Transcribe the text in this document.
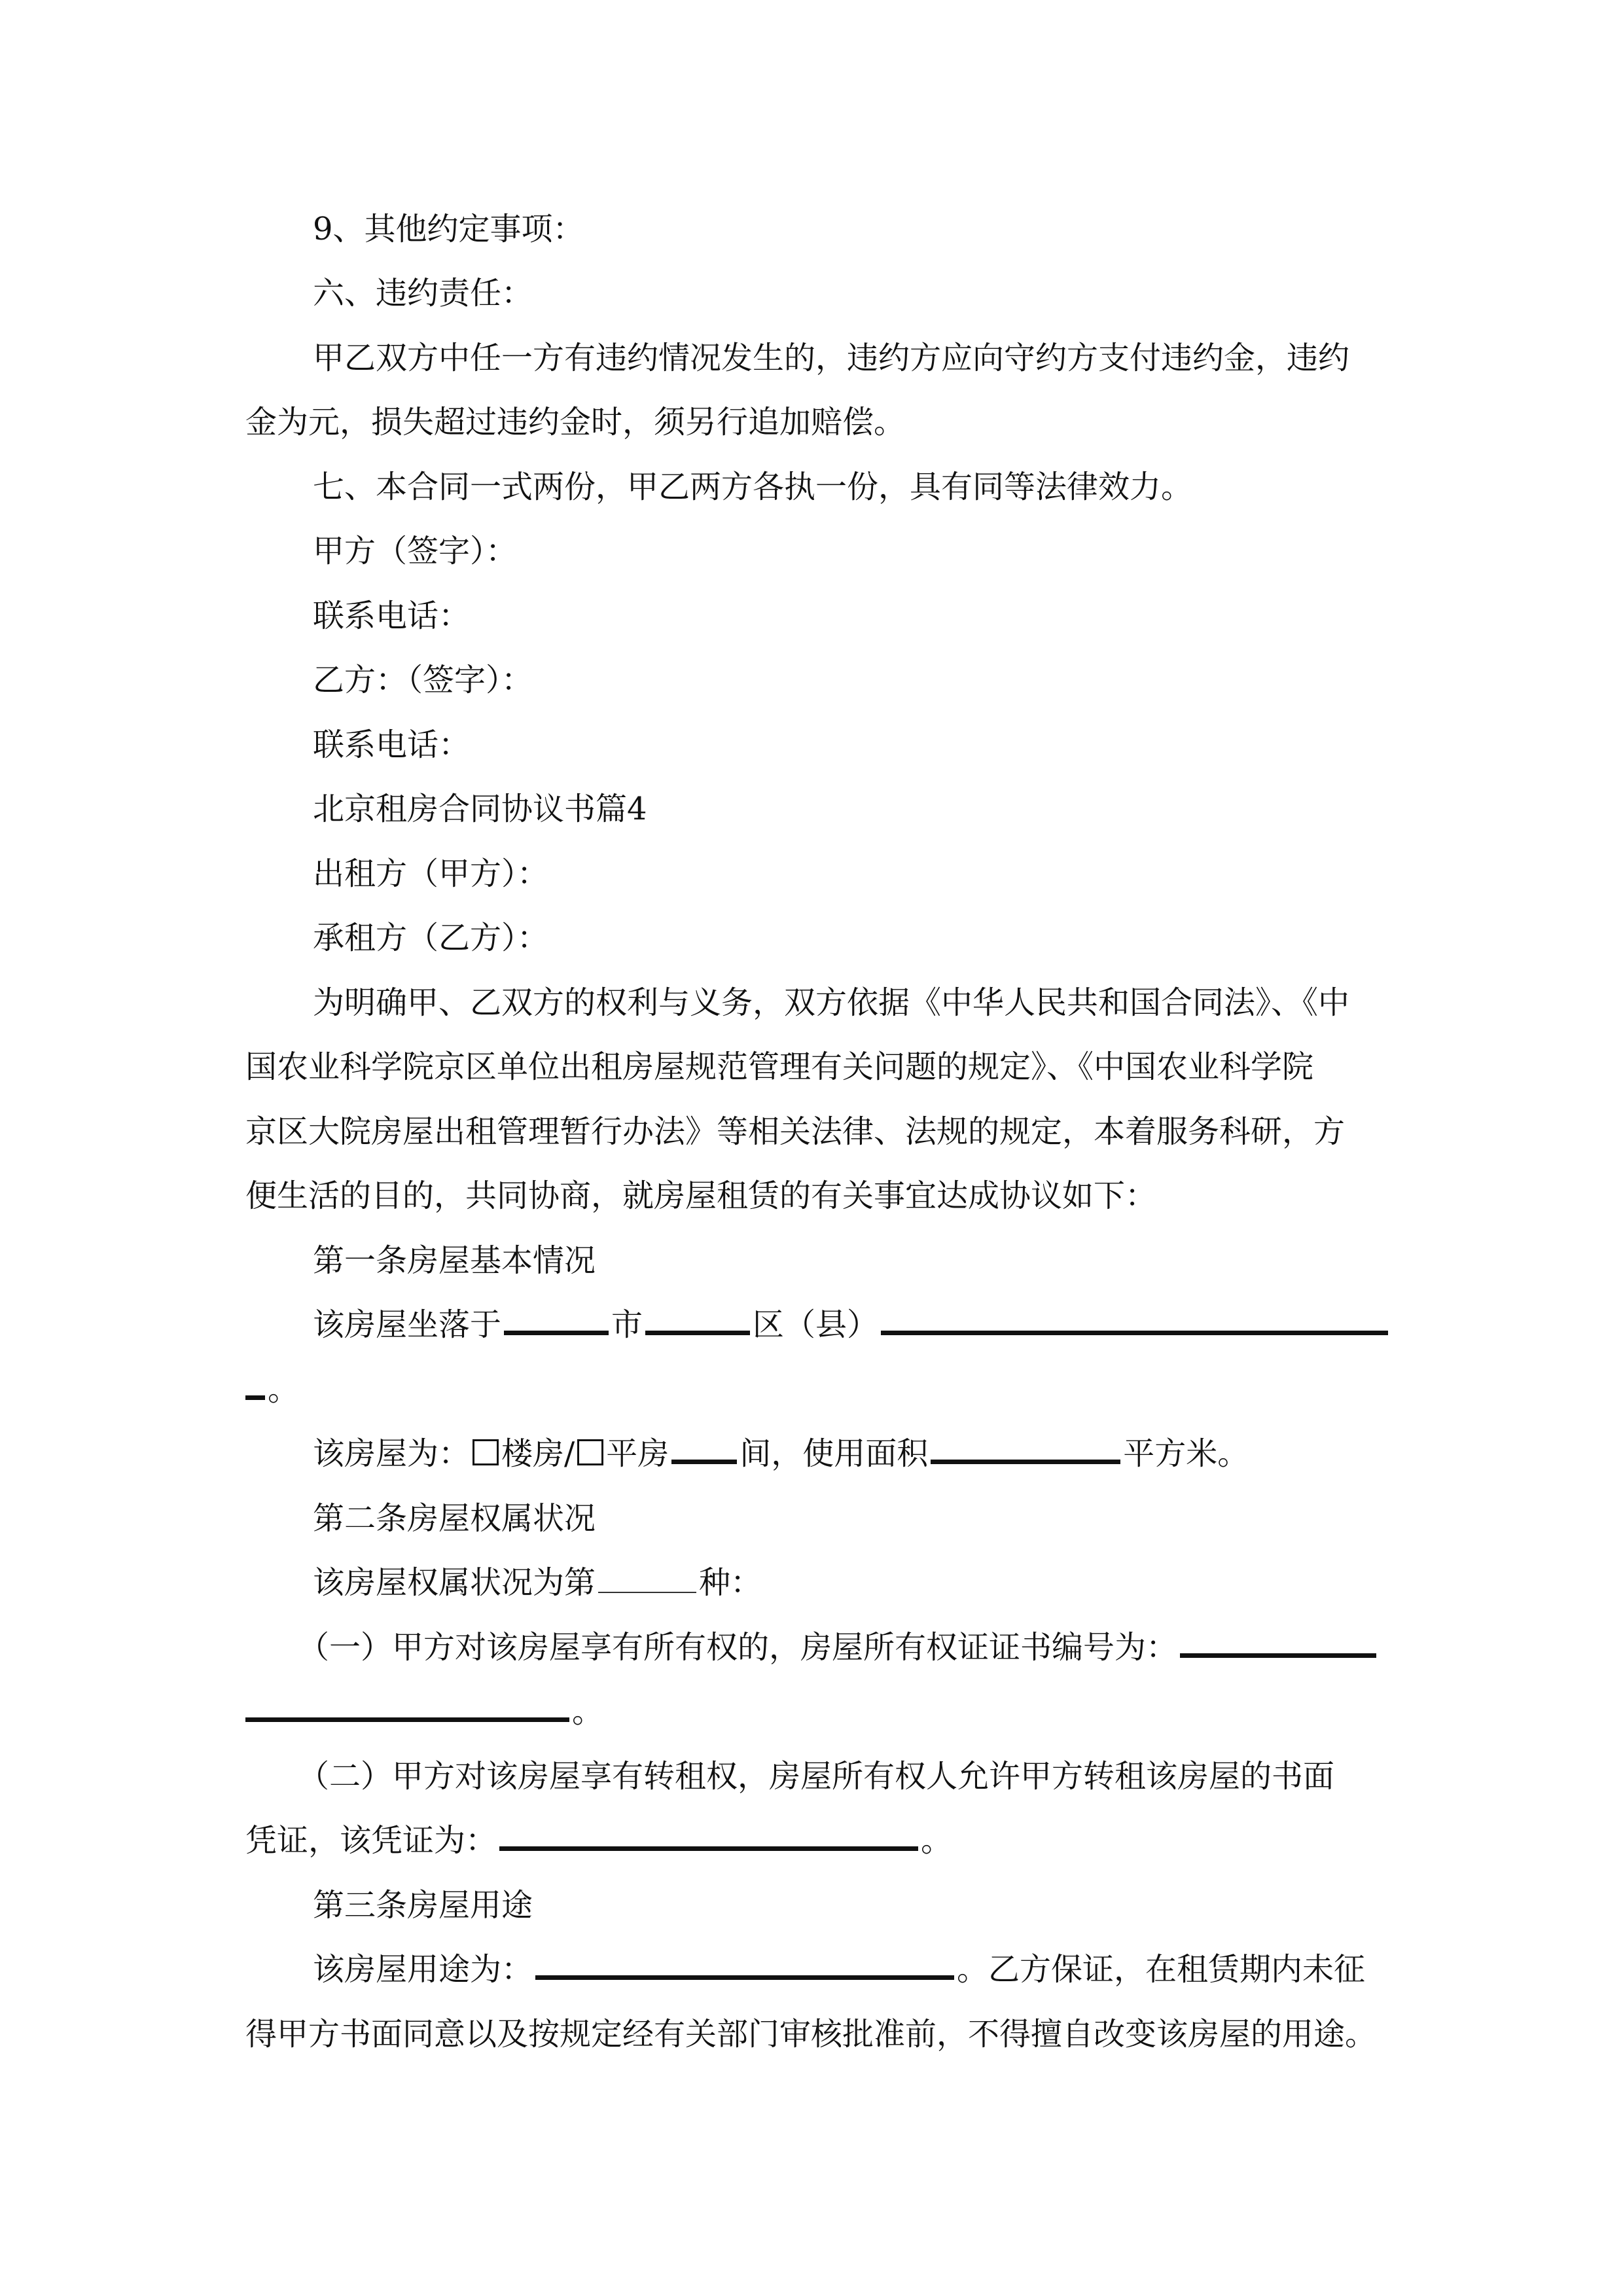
9、其他约定事项：
六、违约责任：
甲乙双方中任一方有违约情况发生的，违约方应向守约方支付违约金，违约
金为元，损失超过违约金时，须另行追加赔偿。
七、本合同一式两份，甲乙两方各执一份，具有同等法律效力。
甲方（签字）：
联系电话：
乙方：（签字）：
联系电话：
北京租房合同协议书篇4
出租方（甲方）：
承租方（乙方）：
为明确甲、乙双方的权利与义务，双方依据《中华人民共和国合同法》、《中
国农业科学院京区单位出租房屋规范管理有关问题的规定》、《中国农业科学院
京区大院房屋出租管理暂行办法》等相关法律、法规的规定，本着服务科研，方
便生活的目的，共同协商，就房屋租赁的有关事宜达成协议如下：
第一条房屋基本情况
该房屋坐落于	市	区（县）
。
该房屋为： 楼房/ 平房 间，使用面积	平方米。
第二条房屋权属状况
该房屋权属状况为第	种：
（一）甲方对该房屋享有所有权的，房屋所有权证证书编号为：
。
（二）甲方对该房屋享有转租权，房屋所有权人允许甲方转租该房屋的书面
凭证，该凭证为：	。
第三条房屋用途
该房屋用途为：	。乙方保证，在租赁期内未征
得甲方书面同意以及按规定经有关部门审核批准前，不得擅自改变该房屋的用途。
